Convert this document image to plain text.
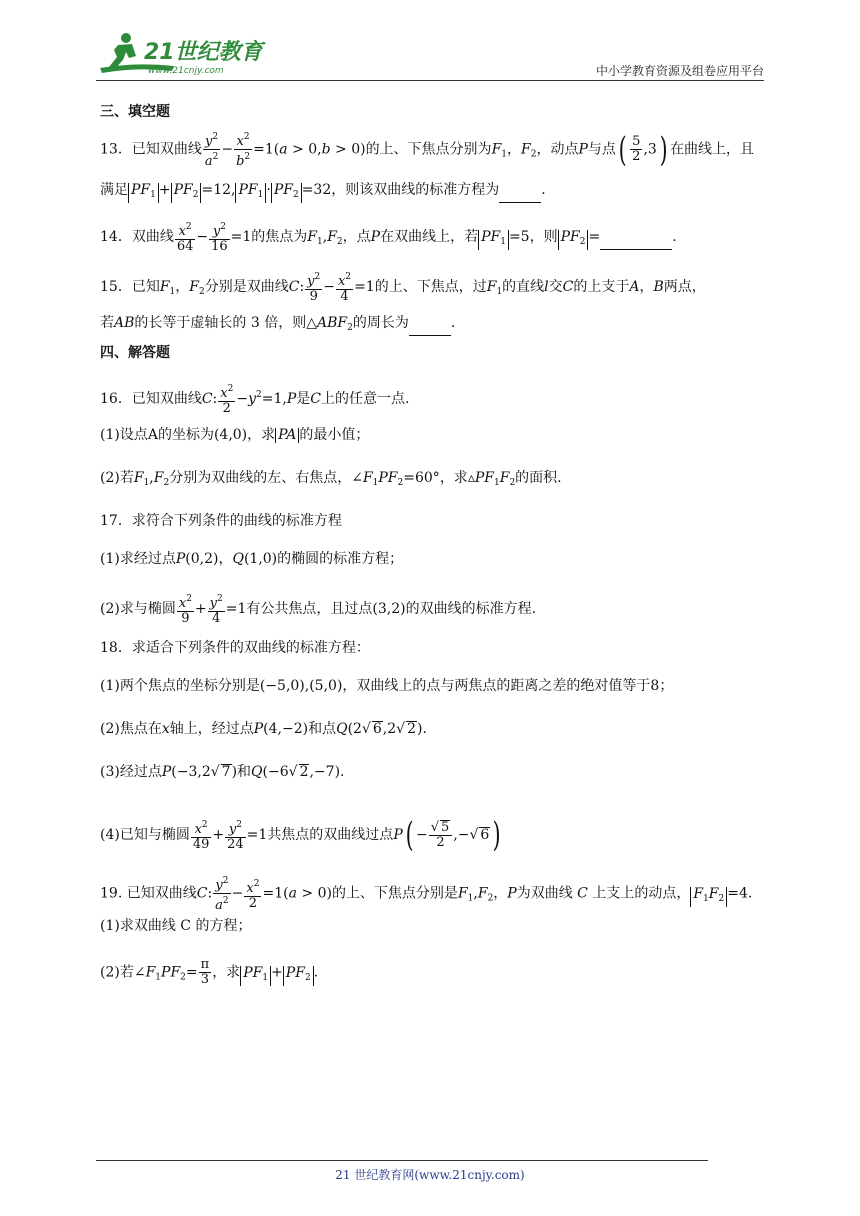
21世纪教育
www.21cnjy.com	中小学教育资源及组卷应用平台
三、填空题
13．已知双曲线 $\frac{y^2}{a^2} - \frac{x^2}{b^2} =1(a > 0,b > 0)$的上、下焦点分别为$F_1$，$F_2$，动点P与点( $\frac{5}{2} ,3$) 在曲线上，且
满足 $PF_1 + PF_2 =12$, $PF_1 \cdot PF_2 =32$，则该双曲线的标准方程为	.
14．双曲线 $\frac{x^2}{64} - \frac{y^2}{16} =1$的焦点为$F_1,F_2$，点P在双曲线上，若 $PF_1 =5$，则 $PF_2$ =	.
15．已知$F_1$，$F_2$分别是双曲线C: $\frac{y^2}{9} - \frac{x^2}{4} =1$的上、下焦点，过$F_1$的直线l交C的上支于A，B两点，
若AB的长等于虚轴长的 3 倍，则$\triangle ABF_2$的周长为	.
四、解答题
16．已知双曲线C: $\frac{x^2}{2} -y^2=1,P$是C上的任意一点.
(1)设点A的坐标为(4,0)，求 PA 的最小值；
(2)若$F_1,F_2$分别为双曲线的左、右焦点，$\angle F_1PF_2=60^\circ$，求$▵PF_1F_2$的面积.
17．求符合下列条件的曲线的标准方程
(1)求经过点P(0,2)，Q(1,0)的椭圆的标准方程；
(2)求与椭圆 $\frac{x^2}{9} + \frac{y^2}{4} =1$有公共焦点，且过点(3,2)的双曲线的标准方程.
18．求适合下列条件的双曲线的标准方程：
(1)两个焦点的坐标分别是(−5,0),(5,0)，双曲线上的点与两焦点的距离之差的绝对值等于8；
(2)焦点在x轴上，经过点P(4,−2)和点Q(2√ 6,2√ 2).
(3)经过点P(−3,2√ 7)和Q(−6√ 2,−7).
(4)已知与椭圆 $\frac{x^2}{49} + \frac{y^2}{24} =1$共焦点的双曲线过点$P( - \frac{√ 5}{2}$ ,−√ 6 )
19. 已知双曲线C: $\frac{y^2}{a^2} - \frac{x^2}{2} =1(a > 0)$的上、下焦点分别是$F_1,F_2$，P为双曲线 C 上支上的动点， $F_1F_2 =4$.
(1)求双曲线 C 的方程；
(2)若$\angle F_1PF_2= \frac{\pi}{3}$ ，求 $PF_1 + PF_2$ .
21 世纪教育网(www.21cnjy.com)
